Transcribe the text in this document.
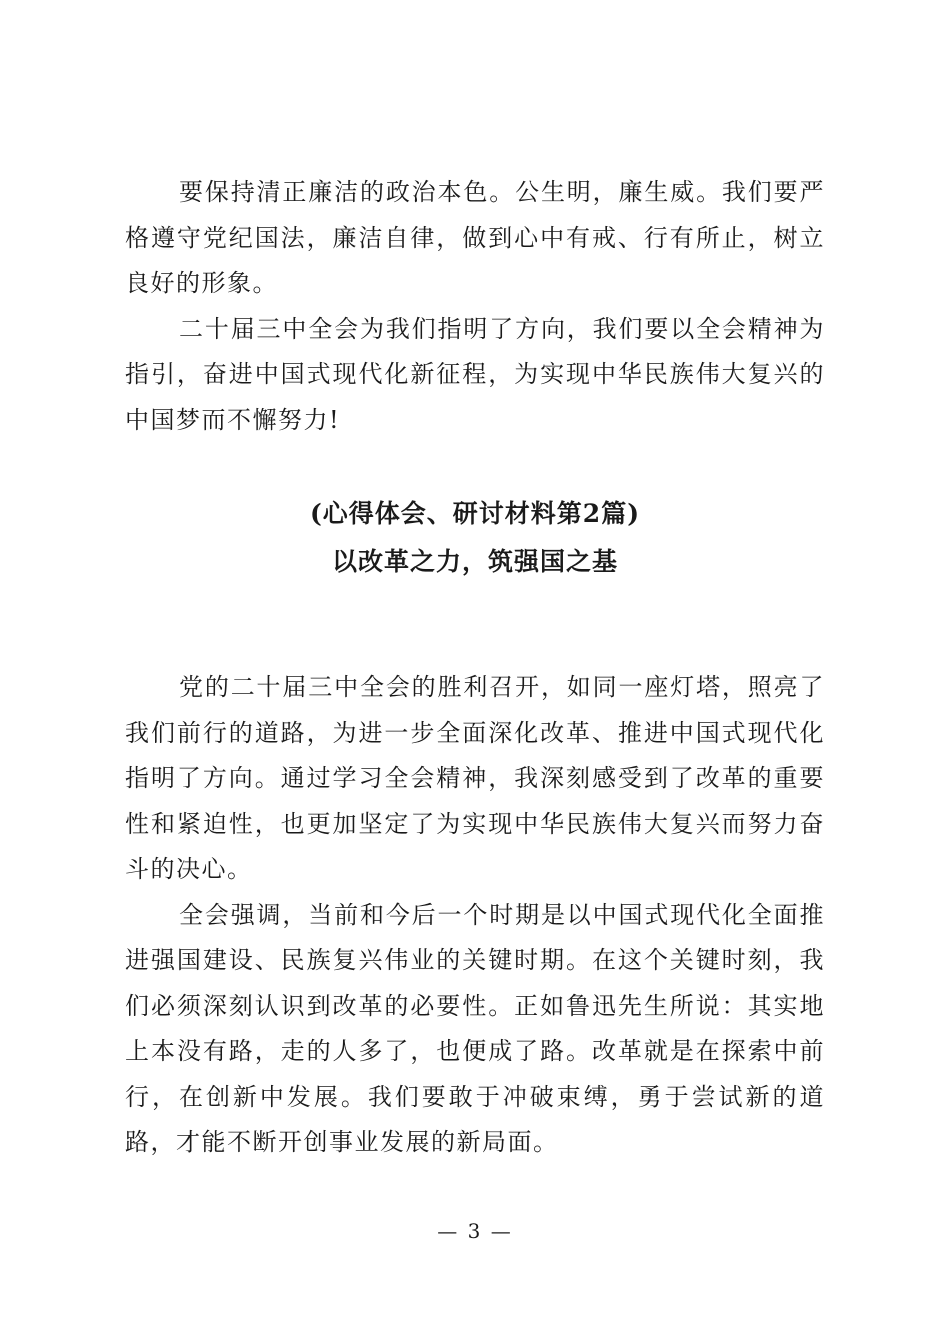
要保持清正廉洁的政治本色。公生明，廉生威。我们要严格遵守党纪国法，廉洁自律，做到心中有戒、行有所止，树立良好的形象。

二十届三中全会为我们指明了方向，我们要以全会精神为指引，奋进中国式现代化新征程，为实现中华民族伟大复兴的中国梦而不懈努力!

(心得体会、研讨材料第2篇)

以改革之力，筑强国之基

党的二十届三中全会的胜利召开，如同一座灯塔，照亮了我们前行的道路，为进一步全面深化改革、推进中国式现代化指明了方向。通过学习全会精神，我深刻感受到了改革的重要性和紧迫性，也更加坚定了为实现中华民族伟大复兴而努力奋斗的决心。

全会强调，当前和今后一个时期是以中国式现代化全面推进强国建设、民族复兴伟业的关键时期。在这个关键时刻，我们必须深刻认识到改革的必要性。正如鲁迅先生所说：其实地上本没有路，走的人多了，也便成了路。改革就是在探索中前行，在创新中发展。我们要敢于冲破束缚，勇于尝试新的道路，才能不断开创事业发展的新局面。

— 3 —
